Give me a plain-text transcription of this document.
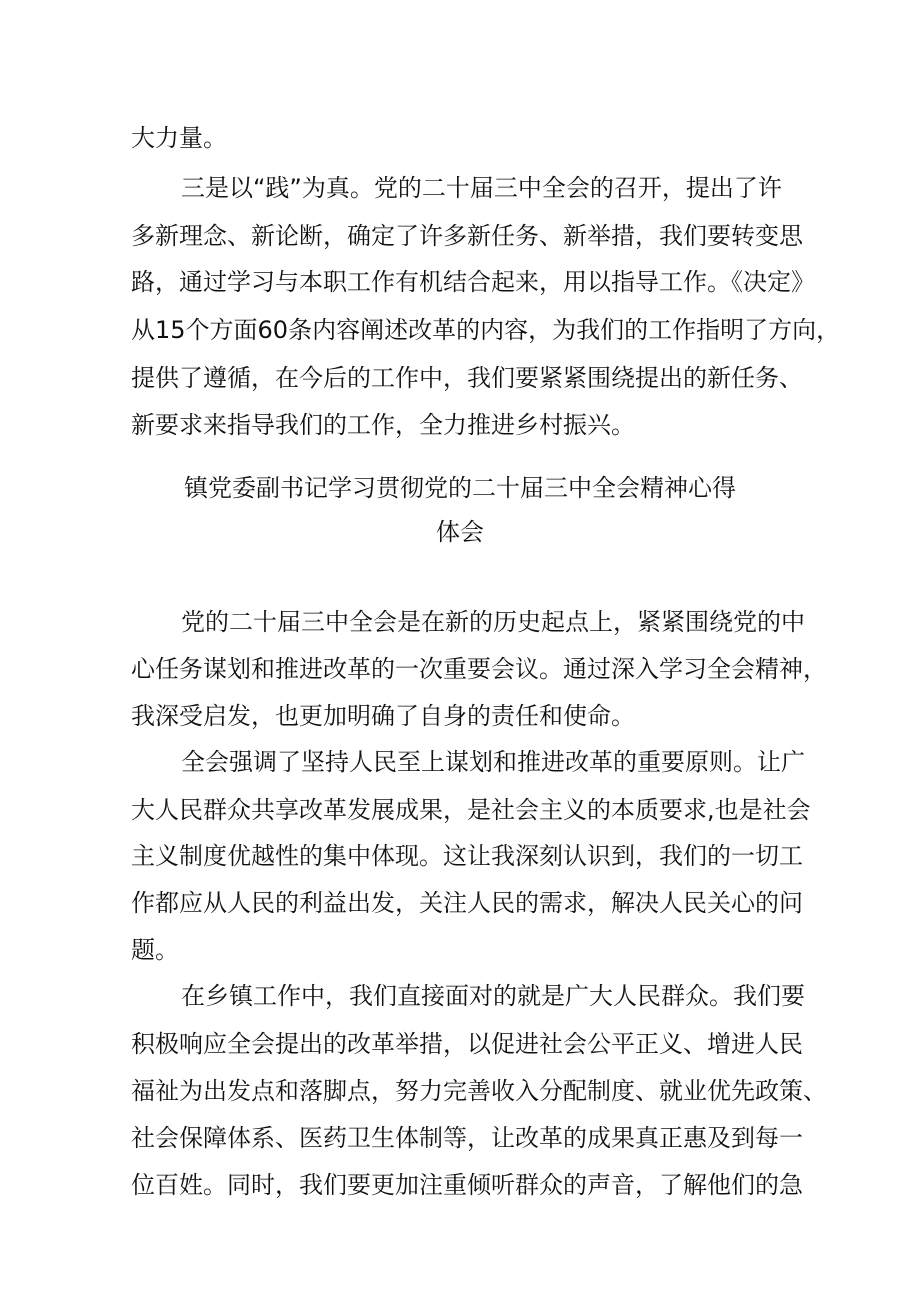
大力量。
三是以“践”为真。党的二十届三中全会的召开，提出了许
多新理念、新论断，确定了许多新任务、新举措，我们要转变思
路，通过学习与本职工作有机结合起来，用以指导工作。《决定》
从15个方面60条内容阐述改革的内容，为我们的工作指明了方向，
提供了遵循，在今后的工作中，我们要紧紧围绕提出的新任务、
新要求来指导我们的工作，全力推进乡村振兴。
镇党委副书记学习贯彻党的二十届三中全会精神心得
体会
党的二十届三中全会是在新的历史起点上，紧紧围绕党的中
心任务谋划和推进改革的一次重要会议。通过深入学习全会精神，
我深受启发，也更加明确了自身的责任和使命。
全会强调了坚持人民至上谋划和推进改革的重要原则。让广
大人民群众共享改革发展成果，是社会主义的本质要求,也是社会
主义制度优越性的集中体现。这让我深刻认识到，我们的一切工
作都应从人民的利益出发，关注人民的需求，解决人民关心的问
题。
在乡镇工作中，我们直接面对的就是广大人民群众。我们要
积极响应全会提出的改革举措，以促进社会公平正义、增进人民
福祉为出发点和落脚点，努力完善收入分配制度、就业优先政策、
社会保障体系、医药卫生体制等，让改革的成果真正惠及到每一
位百姓。同时，我们要更加注重倾听群众的声音，了解他们的急
